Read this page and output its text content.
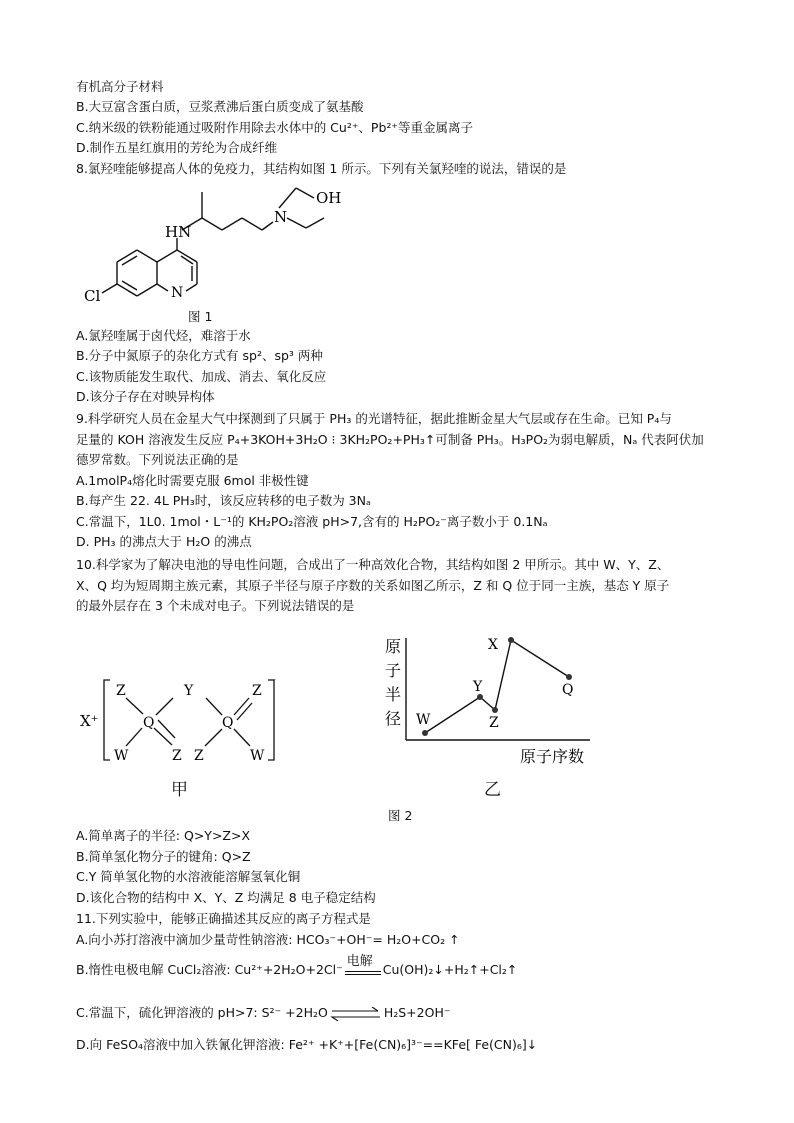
有机高分子材料
B.大豆富含蛋白质，豆浆煮沸后蛋白质变成了氨基酸
C.纳米级的铁粉能通过吸附作用除去水体中的 Cu²⁺、Pb²⁺等重金属离子
D.制作五星红旗用的芳纶为合成纤维
8.氯羟喹能够提高人体的免疫力，其结构如图 1 所示。下列有关氯羟喹的说法，错误的是
OH
N
HN
N
Cl
图 1
A.氯羟喹属于卤代烃，难溶于水
B.分子中氮原子的杂化方式有 sp²、sp³ 两种
C.该物质能发生取代、加成、消去、氧化反应
D.该分子存在对映异构体
9.科学研究人员在金星大气中探测到了只属于 PH₃ 的光谱特征，据此推断金星大气层或存在生命。已知 P₄与
足量的 KOH 溶液发生反应 P₄+3KOH+3H₂O ⁝ 3KH₂PO₂+PH₃↑可制备 PH₃。H₃PO₂为弱电解质，Nₐ 代表阿伏加
德罗常数。下列说法正确的是
A.1molP₄熔化时需要克服 6mol 非极性键
B.每产生 22. 4L PH₃时，该反应转移的电子数为 3Nₐ
C.常温下，1L0. 1mol・L⁻¹的 KH₂PO₂溶液 pH>7,含有的 H₂PO₂⁻离子数小于 0.1Nₐ
D. PH₃ 的沸点大于 H₂O 的沸点
10.科学家为了解决电池的导电性问题，合成出了一种高效化合物，其结构如图 2 甲所示。其中 W、Y、Z、
X、Q 均为短周期主族元素，其原子半径与原子序数的关系如图乙所示，Z 和 Q 位于同一主族，基态 Y 原子
的最外层存在 3 个未成对电子。下列说法错误的是
X⁺
Z	Y	Z
⁻
Q	Q
W	Z Z	W
甲
原
子
半
径 W
Y
Z
X
Q
原子序数
乙
图 2
A.简单离子的半径: Q>Y>Z>X
B.简单氢化物分子的键角: Q>Z
C.Y 简单氢化物的水溶液能溶解氢氧化铜
D.该化合物的结构中 X、Y、Z 均满足 8 电子稳定结构
11.下列实验中，能够正确描述其反应的离子方程式是
A.向小苏打溶液中滴加少量苛性钠溶液: HCO₃⁻+OH⁻= H₂O+CO₂ ↑
B.惰性电极电解 CuCl₂溶液: Cu²⁺+2H₂O+2Cl⁻
电解
Cu(OH)₂↓+H₂↑+Cl₂↑
C.常温下，硫化钾溶液的 pH>7: S²⁻ +2H₂O	H₂S+2OH⁻
D.向 FeSO₄溶液中加入铁氰化钾溶液: Fe²⁺ +K⁺+[Fe(CN)₆]³⁻==KFe[ Fe(CN)₆]↓
